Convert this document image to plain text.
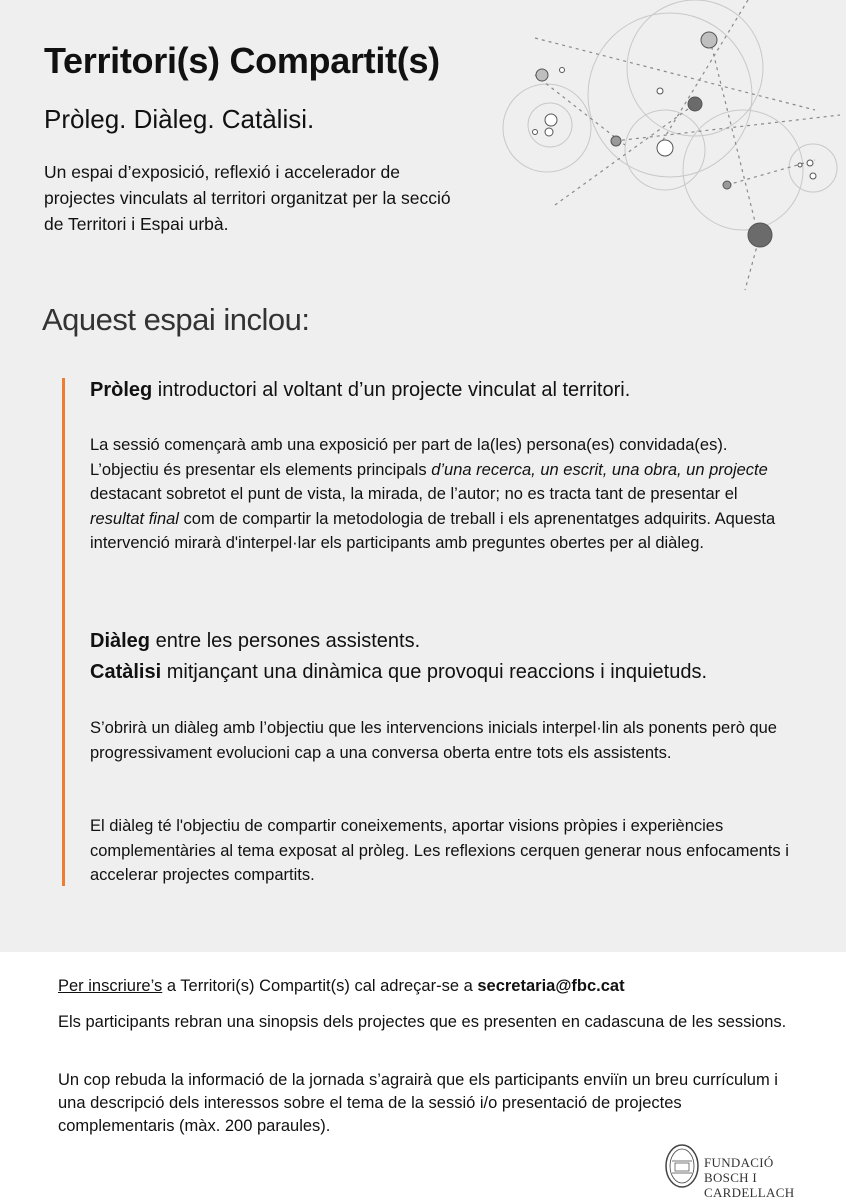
Territori(s) Compartit(s)
Pròleg. Diàleg. Catàlisi.

Un espai d’exposició, reflexió i accelerador de projectes vinculats al territori organitzat per la secció de Territori i Espai urbà.

Aquest espai inclou:

Pròleg introductori al voltant d’un projecte vinculat al territori.

La sessió començarà amb una exposició per part de la(les) persona(es) convidada(es). L’objectiu és presentar els elements principals d’una recerca, un escrit, una obra, un projecte destacant sobretot el punt de vista, la mirada, de l’autor; no es tracta tant de presentar el resultat final com de compartir la metodologia de treball i els aprenentatges adquirits. Aquesta intervenció mirarà d'interpel·lar els participants amb preguntes obertes per al diàleg.

Diàleg entre les persones assistents.

Catàlisi mitjançant una dinàmica que provoqui reaccions i inquietuds.

S’obrirà un diàleg amb l’objectiu que les intervencions inicials interpel·lin als ponents però que progressivament evolucioni cap a una conversa oberta entre tots els assistents.

El diàleg té l'objectiu de compartir coneixements, aportar visions pròpies i experiències complementàries al tema exposat al pròleg. Les reflexions cerquen generar nous enfocaments i accelerar projectes compartits.

Per inscriure’s a Territori(s) Compartit(s) cal adreçar-se a secretaria@fbc.cat

Els participants rebran una sinopsis dels projectes que es presenten en cadascuna de les sessions.

Un cop rebuda la informació de la jornada s’agrairà que els participants enviïn un breu currículum i una descripció dels interessos sobre el tema de la sessió i/o presentació de projectes complementaris (màx. 200 paraules).

FUNDACIÓ
BOSCH I CARDELLACH
